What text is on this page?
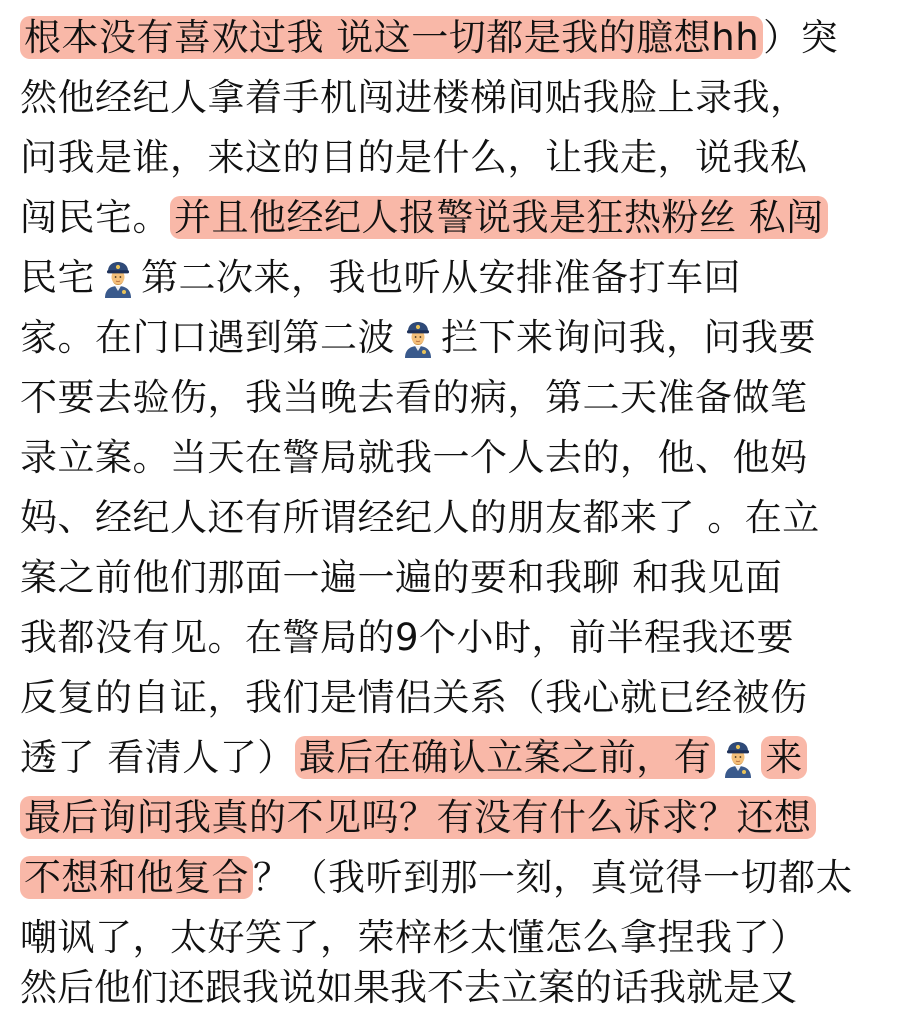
根本没有喜欢过我 说这一切都是我的臆想hh ）突
然他经纪人拿着手机闯进楼梯间贴我脸上录我，
问我是谁，来这的目的是什么，让我走，说我私
闯民宅。 并且他经纪人报警说我是狂热粉丝 私闯
民宅 第二次来，我也听从安排准备打车回
家。在门口遇到第二波 拦下来询问我，问我要
不要去验伤，我当晚去看的病，第二天准备做笔
录立案。当天在警局就我一个人去的，他、他妈
妈、经纪人还有所谓经纪人的朋友都来了 。在立
案之前他们那面一遍一遍的要和我聊 和我见面
我都没有见。在警局的9个小时，前半程我还要
反复的自证，我们是情侣关系（我心就已经被伤
透了 看清人了） 最后在确认立案之前，有 来
最后询问我真的不见吗？有没有什么诉求？还想
不想和他复合 ？（我听到那一刻，真觉得一切都太
嘲讽了，太好笑了，荣梓杉太懂怎么拿捏我了）
然后他们还跟我说如果我不去立案的话我就是又
